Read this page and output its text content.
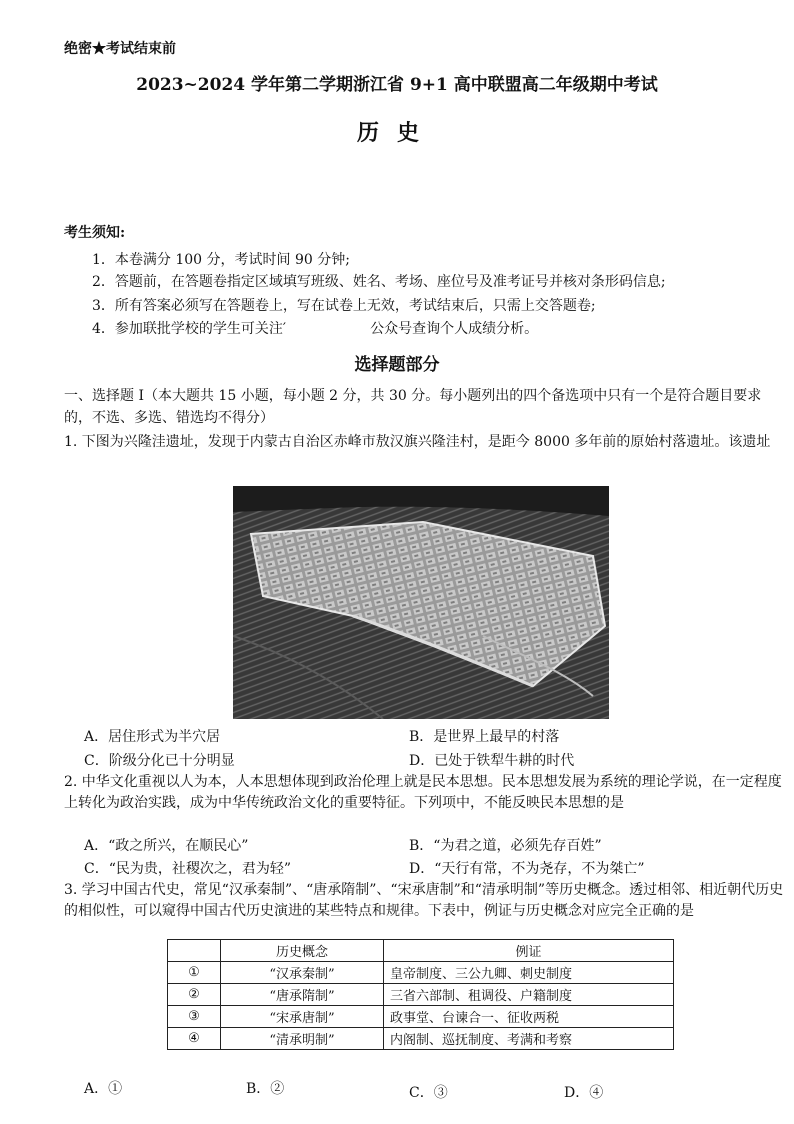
绝密★考试结束前
2023~2024 学年第二学期浙江省 9+1 高中联盟高二年级期中考试
历史
考生须知:
1．本卷满分 100 分，考试时间 90 分钟;
2．答题前，在答题卷指定区域填写班级、姓名、考场、座位号及准考证号并核对条形码信息;
3．所有答案必须写在答题卷上，写在试卷上无效，考试结束后，只需上交答题卷;
4．参加联批学校的学生可关注′　　　　　　公众号查询个人成绩分析。
选择题部分
一、选择题 I（本大题共 15 小题，每小题 2 分，共 30 分。每小题列出的四个备选项中只有一个是符合题目要求的，不选、多选、错选均不得分）
1. 下图为兴隆洼遗址，发现于内蒙古自治区赤峰市敖汉旗兴隆洼村，是距今 8000 多年前的原始村落遗址。该遗址
A．居住形式为半穴居	B．是世界上最早的村落
C．阶级分化已十分明显	D．已处于铁犁牛耕的时代
2. 中华文化重视以人为本，人本思想体现到政治伦理上就是民本思想。民本思想发展为系统的理论学说，在一定程度上转化为政治实践，成为中华传统政治文化的重要特征。下列项中，不能反映民本思想的是
A．“政之所兴，在顺民心”	B．“为君之道，必须先存百姓”
C．“民为贵，社稷次之，君为轻”	D．“天行有常，不为尧存，不为桀亡”
3. 学习中国古代史，常见“汉承秦制”、“唐承隋制”、“宋承唐制”和“清承明制”等历史概念。透过相邻、相近朝代历史的相似性，可以窥得中国古代历史演进的某些特点和规律。下表中，例证与历史概念对应完全正确的是
	历史概念	例证
①	“汉承秦制”	皇帝制度、三公九卿、刺史制度
②	“唐承隋制”	三省六部制、租调役、户籍制度
③	“宋承唐制”	政事堂、台谏合一、征收两税
④	“清承明制”	内阁制、巡抚制度、考满和考察
A．①	B．②	C．③	D．④
